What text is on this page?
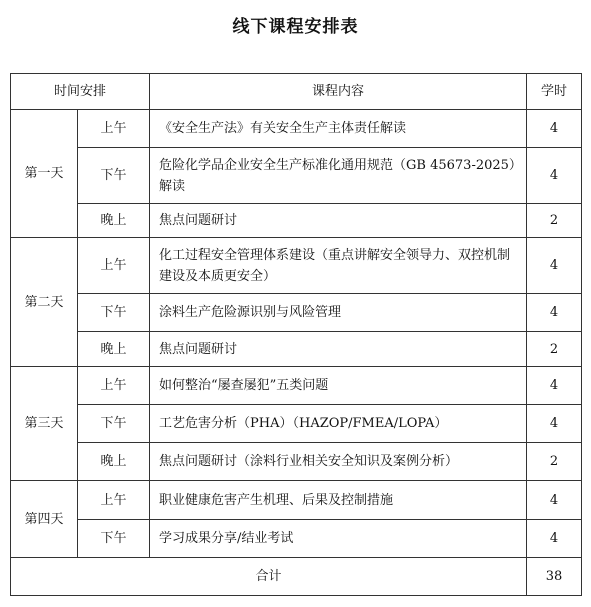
线下课程安排表
时间安排		课程内容	学时
第一天	上午	《安全生产法》有关安全生产主体责任解读	4
	下午	危险化学品企业安全生产标准化通用规范（GB 45673-2025）解读	4
	晚上	焦点问题研讨	2
第二天	上午	化工过程安全管理体系建设（重点讲解安全领导力、双控机制建设及本质更安全）	4
	下午	涂料生产危险源识别与风险管理	4
	晚上	焦点问题研讨	2
第三天	上午	如何整治“屡查屡犯”五类问题	4
	下午	工艺危害分析（PHA）（HAZOP/FMEA/LOPA）	4
	晚上	焦点问题研讨（涂料行业相关安全知识及案例分析）	2
第四天	上午	职业健康危害产生机理、后果及控制措施	4
	下午	学习成果分享/结业考试	4
合计			38
